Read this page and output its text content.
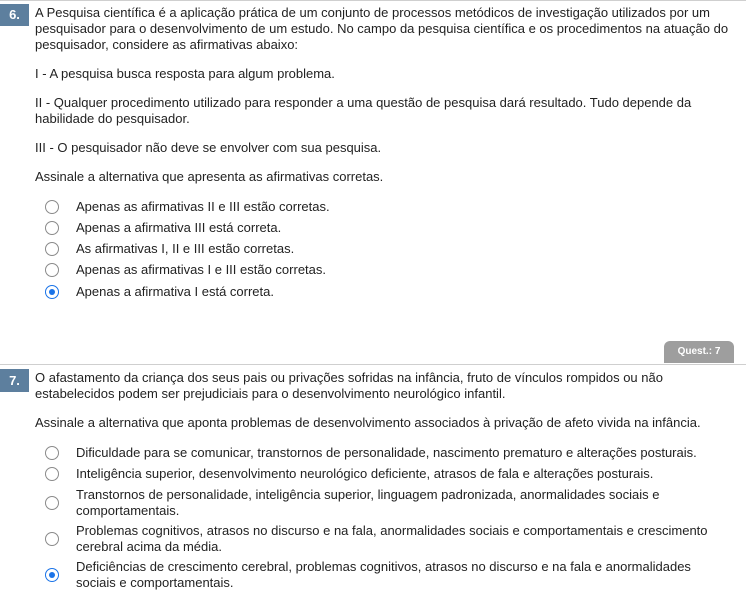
6.	A Pesquisa científica é a aplicação prática de um conjunto de processos metódicos de investigação utilizados por um pesquisador para o desenvolvimento de um estudo. No campo da pesquisa científica e os procedimentos na atuação do pesquisador, considere as afirmativas abaixo:

I - A pesquisa busca resposta para algum problema.

II - Qualquer procedimento utilizado para responder a uma questão de pesquisa dará resultado. Tudo depende da habilidade do pesquisador.

III - O pesquisador não deve se envolver com sua pesquisa.

Assinale a alternativa que apresenta as afirmativas corretas.

Apenas as afirmativas II e III estão corretas.
Apenas a afirmativa III está correta.
As afirmativas I, II e III estão corretas.
Apenas as afirmativas I e III estão corretas.
Apenas a afirmativa I está correta.
Quest.: 7
7.	O afastamento da criança dos seus pais ou privações sofridas na infância, fruto de vínculos rompidos ou não estabelecidos podem ser prejudiciais para o desenvolvimento neurológico infantil.

Assinale a alternativa que aponta problemas de desenvolvimento associados à privação de afeto vivida na infância.

Dificuldade para se comunicar, transtornos de personalidade, nascimento prematuro e alterações posturais.
Inteligência superior, desenvolvimento neurológico deficiente, atrasos de fala e alterações posturais.
Transtornos de personalidade, inteligência superior, linguagem padronizada, anormalidades sociais e comportamentais.
Problemas cognitivos, atrasos no discurso e na fala, anormalidades sociais e comportamentais e crescimento cerebral acima da média.
Deficiências de crescimento cerebral, problemas cognitivos, atrasos no discurso e na fala e anormalidades sociais e comportamentais.
